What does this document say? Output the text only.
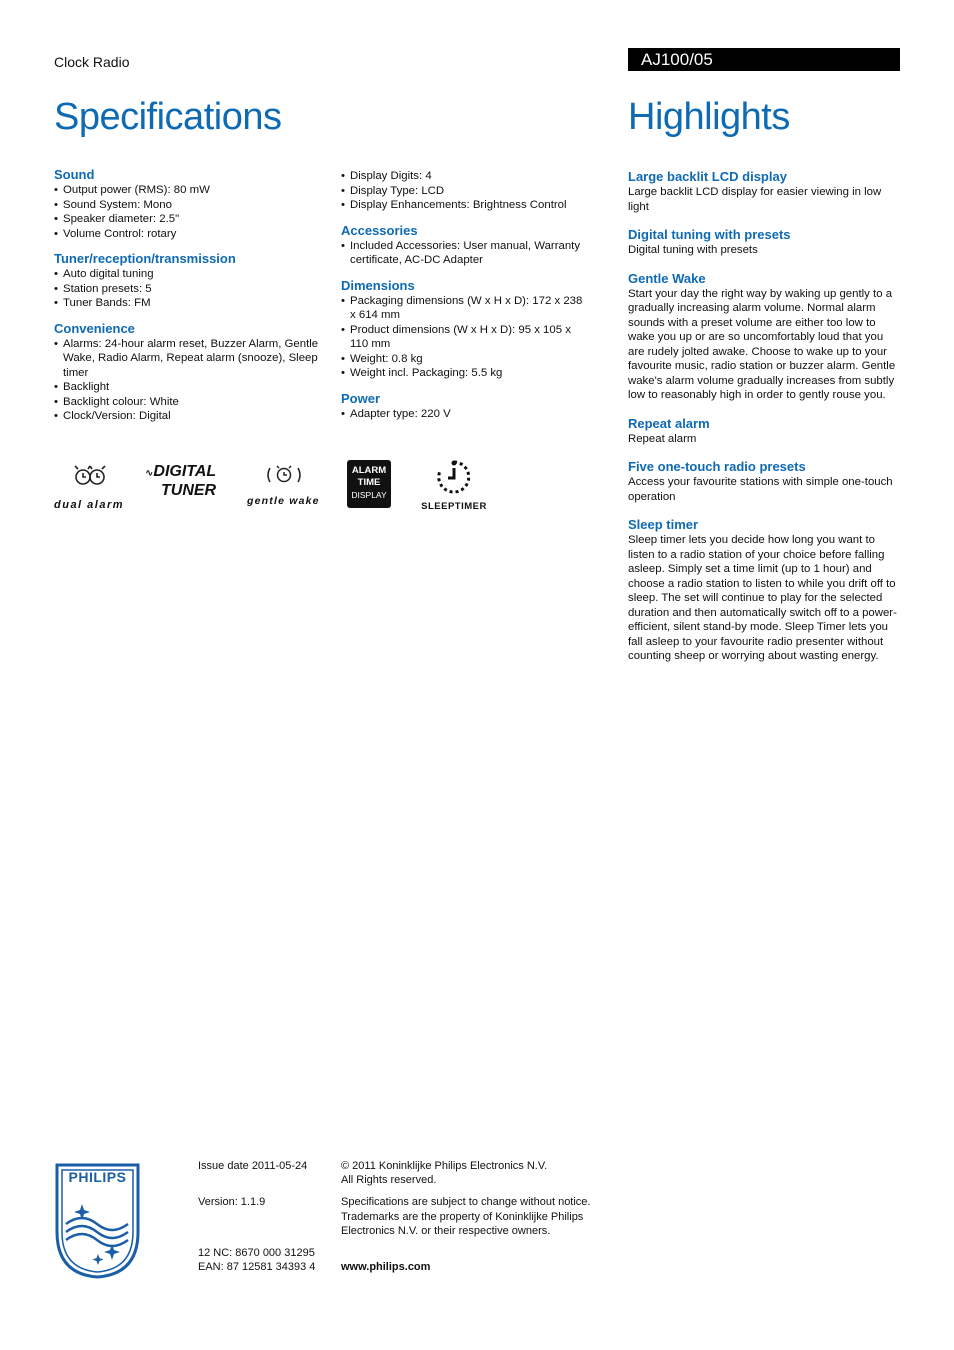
Clock Radio	AJ100/05
Specifications	Highlights
Sound
• Output power (RMS): 80 mW
• Sound System: Mono
• Speaker diameter: 2.5"
• Volume Control: rotary
Tuner/reception/transmission
• Auto digital tuning
• Station presets: 5
• Tuner Bands: FM
Convenience
• Alarms: 24-hour alarm reset, Buzzer Alarm, Gentle Wake, Radio Alarm, Repeat alarm (snooze), Sleep timer
• Backlight
• Backlight colour: White
• Clock/Version: Digital
• Display Digits: 4
• Display Type: LCD
• Display Enhancements: Brightness Control
Accessories
• Included Accessories: User manual, Warranty certificate, AC-DC Adapter
Dimensions
• Packaging dimensions (W x H x D): 172 x 238 x 614 mm
• Product dimensions (W x H x D): 95 x 105 x 110 mm
• Weight: 0.8 kg
• Weight incl. Packaging: 5.5 kg
Power
• Adapter type: 220 V
dual alarm
∿DIGITAL
TUNER
gentle wake
ALARM
TIME
DISPLAY
SLEEPTIMER
Large backlit LCD display
Large backlit LCD display for easier viewing in low light
Digital tuning with presets
Digital tuning with presets
Gentle Wake
Start your day the right way by waking up gently to a gradually increasing alarm volume. Normal alarm sounds with a preset volume are either too low to wake you up or are so uncomfortably loud that you are rudely jolted awake. Choose to wake up to your favourite music, radio station or buzzer alarm. Gentle wake's alarm volume gradually increases from subtly low to reasonably high in order to gently rouse you.
Repeat alarm
Repeat alarm
Five one-touch radio presets
Access your favourite stations with simple one-touch operation
Sleep timer
Sleep timer lets you decide how long you want to listen to a radio station of your choice before falling asleep. Simply set a time limit (up to 1 hour) and choose a radio station to listen to while you drift off to sleep. The set will continue to play for the selected duration and then automatically switch off to a power-efficient, silent stand-by mode. Sleep Timer lets you fall asleep to your favourite radio presenter without counting sheep or worrying about wasting energy.
PHILIPS
Issue date 2011-05-24
Version: 1.1.9
12 NC: 8670 000 31295
EAN: 87 12581 34393 4
© 2011 Koninklijke Philips Electronics N.V.
All Rights reserved.
Specifications are subject to change without notice. Trademarks are the property of Koninklijke Philips Electronics N.V. or their respective owners.
www.philips.com
